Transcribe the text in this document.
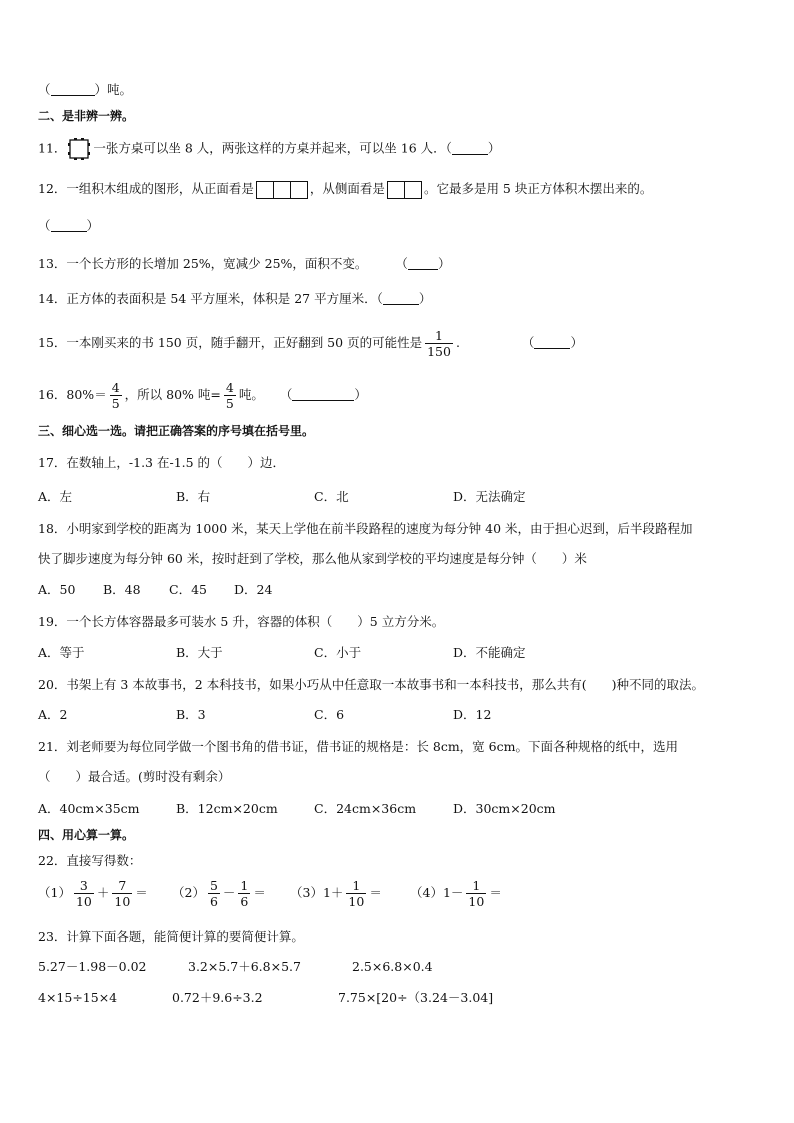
（	）吨。
二、是非辨一辨。
11． 一张方桌可以坐 8 人，两张这样的方桌并起来，可以坐 16 人．（	）
12．一组积木组成的图形，从正面看是	，从侧面看是	。它最多是用 5 块正方体积木摆出来的。
（	）
13．一个长方形的长增加 25%，宽减少 25%，面积不变。 （ ）
14．正方体的表面积是 54 平方厘米，体积是 27 平方厘米．（	）
15．一本刚买来的书 150 页，随手翻开，正好翻到 50 页的可能性是 $\frac{1}{150}$ .	（	）
16．$80\%= \frac{4}{5}$ ，所以 80% 吨= $\frac{4}{5}$ 吨。 （	）
三、细心选一选。请把正确答案的序号填在括号里。
17．在数轴上，-1.3 在-1.5 的（　　）边．
A．左	B．右	C．北	D．无法确定
18．小明家到学校的距离为 1000 米，某天上学他在前半段路程的速度为每分钟 40 米，由于担心迟到，后半段路程加
快了脚步速度为每分钟 60 米，按时赶到了学校，那么他从家到学校的平均速度是每分钟（　　）米
A．50 B．48 C．45 D．24
19．一个长方体容器最多可装水 5 升，容器的体积（　　）5 立方分米。
A．等于	B．大于	C．小于	D．不能确定
20．书架上有 3 本故事书，2 本科技书，如果小巧从中任意取一本故事书和一本科技书，那么共有(　　)种不同的取法。
A．2	B．3	C．6	D．12
21．刘老师要为每位同学做一个图书角的借书证，借书证的规格是：长 8cm，宽 6cm。下面各种规格的纸中，选用
（　　）最合适。(剪时没有剩余）
A．40cm×35cm	B．12cm×20cm	C．24cm×36cm	D．30cm×20cm
四、用心算一算。
22．直接写得数：
$(1) \frac{3}{10} + \frac{7}{10} = (2) \frac{5}{6} - \frac{1}{6} = (3)1+ \frac{1}{10} = (4)1- \frac{1}{10}$ ＝
23．计算下面各题，能简便计算的要简便计算。
5.27－1.98－0.02	3.2×5.7＋6.8×5.7	2.5×6.8×0.4
4×15÷15×4	0.72＋9.6÷3.2	7.75×[20÷（3.24－3.04]
